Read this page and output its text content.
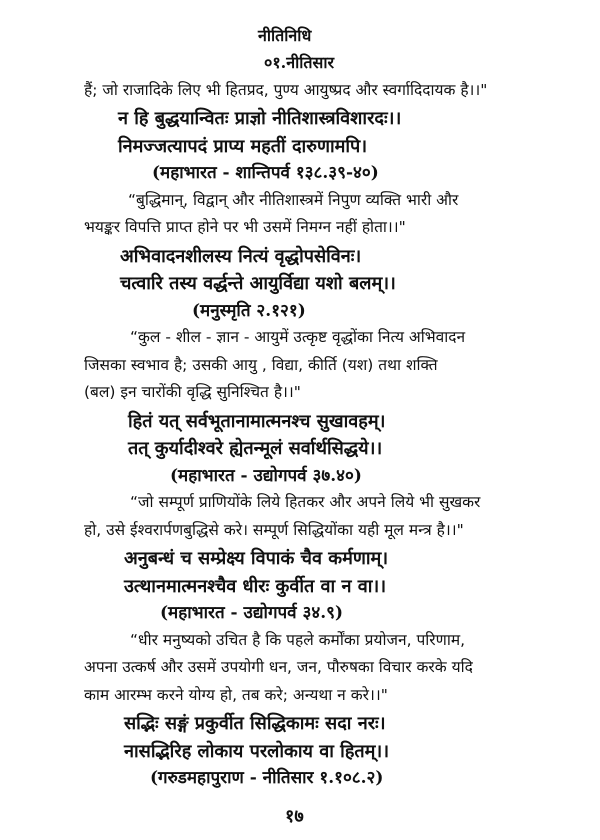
नीतिनिधि
०१.नीतिसार
हैं; जो राजादिके लिए भी हितप्रद, पुण्य आयुष्प्रद और स्वर्गादिदायक है।।"
न हि बुद्धयान्वितः प्राज्ञो नीतिशास्त्रविशारदः।।
निमज्जत्यापदं प्राप्य महतीं दारुणामपि।
(महाभारत - शान्तिपर्व १३८.३९-४०)
“बुद्धिमान्, विद्वान् और नीतिशास्त्रमें निपुण व्यक्ति भारी और
भयङ्कर विपत्ति प्राप्त होने पर भी उसमें निमग्न नहीं होता।।"
अभिवादनशीलस्य नित्यं वृद्धोपसेविनः।
चत्वारि तस्य वर्द्धन्ते आयुर्विद्या यशो बलम्।।
(मनुस्मृति २.१२१)
“कुल - शील - ज्ञान - आयुमें उत्कृष्ट वृद्धोंका नित्य अभिवादन
जिसका स्वभाव है; उसकी आयु , विद्या, कीर्ति (यश) तथा शक्ति
(बल) इन चारोंकी वृद्धि सुनिश्चित है।।"
हितं यत् सर्वभूतानामात्मनश्च सुखावहम्।
तत् कुर्यादीश्वरे ह्येतन्मूलं सर्वार्थसिद्धये।।
(महाभारत - उद्योगपर्व ३७.४०)
“जो सम्पूर्ण प्राणियोंके लिये हितकर और अपने लिये भी सुखकर
हो, उसे ईश्वरार्पणबुद्धिसे करे। सम्पूर्ण सिद्धियोंका यही मूल मन्त्र है।।"
अनुबन्धं च सम्प्रेक्ष्य विपाकं चैव कर्मणाम्।
उत्थानमात्मनश्चैव धीरः कुर्वीत वा न वा।।
(महाभारत - उद्योगपर्व ३४.९)
“धीर मनुष्यको उचित है कि पहले कर्मोंका प्रयोजन, परिणाम,
अपना उत्कर्ष और उसमें उपयोगी धन, जन, पौरुषका विचार करके यदि
काम आरम्भ करने योग्य हो, तब करे; अन्यथा न करे।।"
१७
सद्भिः सङ्गं प्रकुर्वीत सिद्धिकामः सदा नरः।
नासद्भिरिह लोकाय परलोकाय वा हितम्।।
(गरुडमहापुराण - नीतिसार १.१०८.२)
